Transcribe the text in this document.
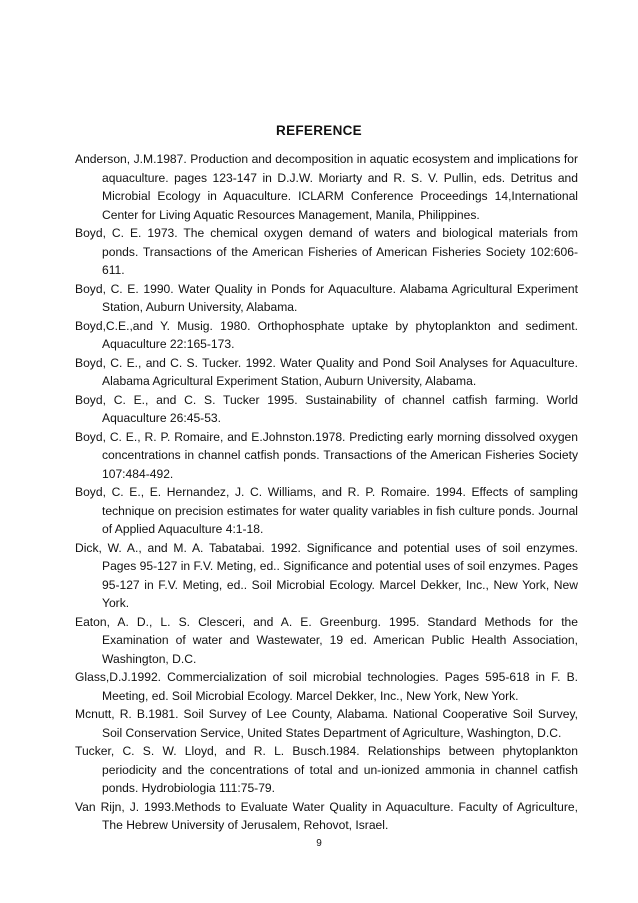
REFERENCE
Anderson, J.M.1987. Production and decomposition in aquatic ecosystem and implications for aquaculture. pages 123-147 in D.J.W. Moriarty and R. S. V. Pullin, eds. Detritus and Microbial Ecology in Aquaculture. ICLARM Conference Proceedings 14,International Center for Living Aquatic Resources Management, Manila, Philippines.
Boyd, C. E. 1973. The chemical oxygen demand of waters and biological materials from ponds. Transactions of the American Fisheries of American Fisheries Society 102:606-611.
Boyd, C. E. 1990. Water Quality in Ponds for Aquaculture. Alabama Agricultural Experiment Station, Auburn University, Alabama.
Boyd,C.E.,and Y. Musig. 1980. Orthophosphate uptake by phytoplankton and sediment. Aquaculture 22:165-173.
Boyd, C. E., and C. S. Tucker. 1992. Water Quality and Pond Soil Analyses for Aquaculture. Alabama Agricultural Experiment Station, Auburn University, Alabama.
Boyd, C. E., and C. S. Tucker 1995. Sustainability of channel catfish farming. World Aquaculture 26:45-53.
Boyd, C. E., R. P. Romaire, and E.Johnston.1978. Predicting early morning dissolved oxygen concentrations in channel catfish ponds. Transactions of the American Fisheries Society 107:484-492.
Boyd, C. E., E. Hernandez, J. C. Williams, and R. P. Romaire. 1994. Effects of sampling technique on precision estimates for water quality variables in fish culture ponds. Journal of Applied Aquaculture 4:1-18.
Dick, W. A., and M. A. Tabatabai. 1992. Significance and potential uses of soil enzymes. Pages 95-127 in F.V. Meting, ed.. Significance and potential uses of soil enzymes. Pages 95-127 in F.V. Meting, ed.. Soil Microbial Ecology. Marcel Dekker, Inc., New York, New York.
Eaton, A. D., L. S. Clesceri, and A. E. Greenburg. 1995. Standard Methods for the Examination of water and Wastewater, 19 ed. American Public Health Association, Washington, D.C.
Glass,D.J.1992. Commercialization of soil microbial technologies. Pages 595-618 in F. B. Meeting, ed. Soil Microbial Ecology. Marcel Dekker, Inc., New York, New York.
Mcnutt, R. B.1981. Soil Survey of Lee County, Alabama. National Cooperative Soil Survey, Soil Conservation Service, United States Department of Agriculture, Washington, D.C.
Tucker, C. S. W. Lloyd, and R. L. Busch.1984. Relationships between phytoplankton periodicity and the concentrations of total and un-ionized ammonia in channel catfish ponds. Hydrobiologia 111:75-79.
Van Rijn, J. 1993.Methods to Evaluate Water Quality in Aquaculture. Faculty of Agriculture, The Hebrew University of Jerusalem, Rehovot, Israel.
9
